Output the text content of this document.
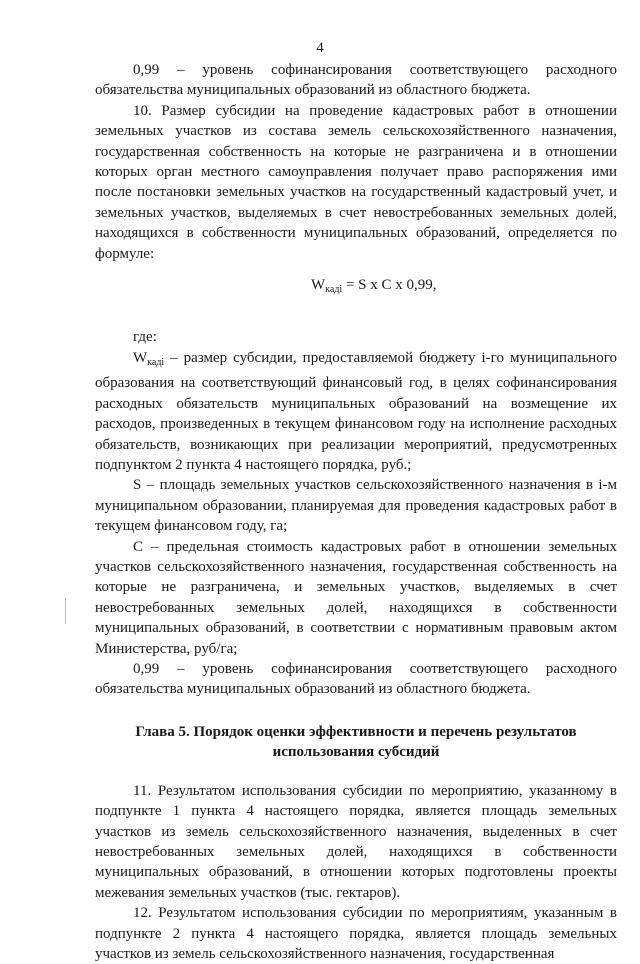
4

0,99 – уровень софинансирования соответствующего расходного обязательства муниципальных образований из областного бюджета.

10. Размер субсидии на проведение кадастровых работ в отношении земельных участков из состава земель сельскохозяйственного назначения, государственная собственность на которые не разграничена и в отношении которых орган местного самоуправления получает право распоряжения ими после постановки земельных участков на государственный кадастровый учет, и земельных участков, выделяемых в счет невостребованных земельных долей, находящихся в собственности муниципальных образований, определяется по формуле:

$W_{кадi} = S$ x C x 0,99,

где:

$W_{кадi}$ – размер субсидии, предоставляемой бюджету i-го муниципального образования на соответствующий финансовый год, в целях софинансирования расходных обязательств муниципальных образований на возмещение их расходов, произведенных в текущем финансовом году на исполнение расходных обязательств, возникающих при реализации мероприятий, предусмотренных подпунктом 2 пункта 4 настоящего порядка, руб.;

S – площадь земельных участков сельскохозяйственного назначения в i-м муниципальном образовании, планируемая для проведения кадастровых работ в текущем финансовом году, га;

C – предельная стоимость кадастровых работ в отношении земельных участков сельскохозяйственного назначения, государственная собственность на которые не разграничена, и земельных участков, выделяемых в счет невостребованных земельных долей, находящихся в собственности муниципальных образований, в соответствии с нормативным правовым актом Министерства, руб/га;

0,99 – уровень софинансирования соответствующего расходного обязательства муниципальных образований из областного бюджета.

Глава 5. Порядок оценки эффективности и перечень результатов
использования субсидий

11. Результатом использования субсидии по мероприятию, указанному в подпункте 1 пункта 4 настоящего порядка, является площадь земельных участков из земель сельскохозяйственного назначения, выделенных в счет невостребованных земельных долей, находящихся в собственности муниципальных образований, в отношении которых подготовлены проекты межевания земельных участков (тыс. гектаров).

12. Результатом использования субсидии по мероприятиям, указанным в подпункте 2 пункта 4 настоящего порядка, является площадь земельных участков из земель сельскохозяйственного назначения, государственная
